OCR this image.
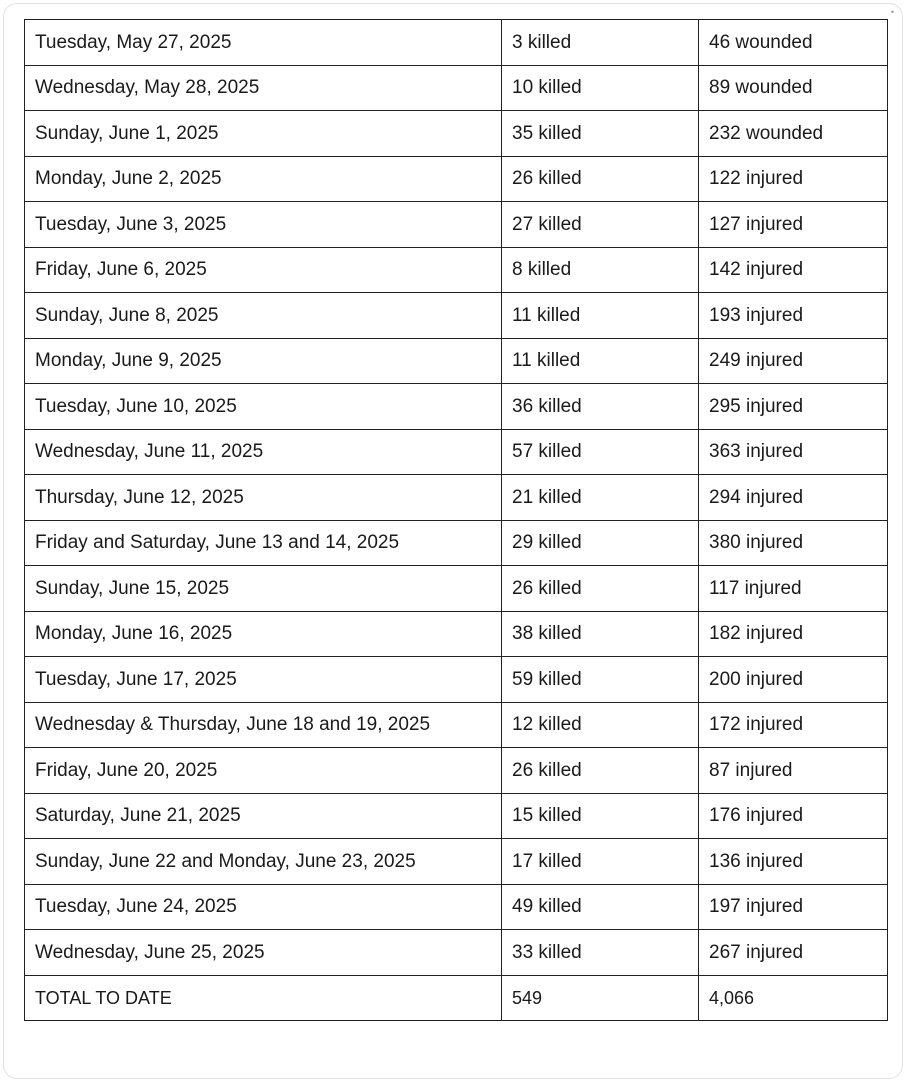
•
Tuesday, May 27, 2025	3 killed	46 wounded
Wednesday, May 28, 2025	10 killed	89 wounded
Sunday, June 1, 2025	35 killed	232 wounded
Monday, June 2, 2025	26 killed	122 injured
Tuesday, June 3, 2025	27 killed	127 injured
Friday, June 6, 2025	8 killed	142 injured
Sunday, June 8, 2025	11 killed	193 injured
Monday, June 9, 2025	11 killed	249 injured
Tuesday, June 10, 2025	36 killed	295 injured
Wednesday, June 11, 2025	57 killed	363 injured
Thursday, June 12, 2025	21 killed	294 injured
Friday and Saturday, June 13 and 14, 2025	29 killed	380 injured
Sunday, June 15, 2025	26 killed	117 injured
Monday, June 16, 2025	38 killed	182 injured
Tuesday, June 17, 2025	59 killed	200 injured
Wednesday & Thursday, June 18 and 19, 2025	12 killed	172 injured
Friday, June 20, 2025	26 killed	87 injured
Saturday, June 21, 2025	15 killed	176 injured
Sunday, June 22 and Monday, June 23, 2025	17 killed	136 injured
Tuesday, June 24, 2025	49 killed	197 injured
Wednesday, June 25, 2025	33 killed	267 injured
TOTAL TO DATE	549	4,066
